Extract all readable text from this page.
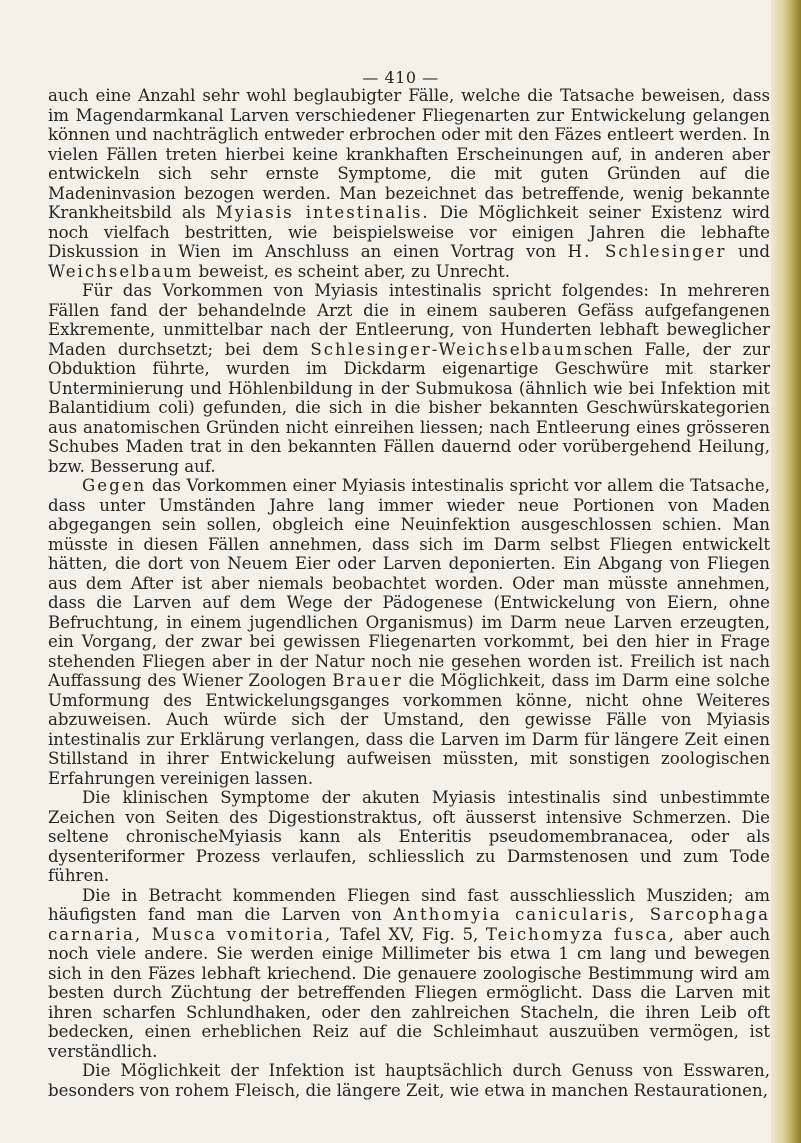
— 410 —

auch eine Anzahl sehr wohl beglaubigter Fälle, welche die Tatsache beweisen, dass im Magendarmkanal Larven verschiedener Fliegenarten zur Entwickelung gelangen können und nachträglich entweder erbrochen oder mit den Fäzes entleert werden. In vielen Fällen treten hierbei keine krankhaften Erscheinungen auf, in anderen aber entwickeln sich sehr ernste Symptome, die mit guten Gründen auf die Madeninvasion bezogen werden. Man bezeichnet das betreffende, wenig bekannte Krankheitsbild als Myiasis intestinalis. Die Möglichkeit seiner Existenz wird noch vielfach bestritten, wie beispielsweise vor einigen Jahren die lebhafte Diskussion in Wien im Anschluss an einen Vortrag von H. Schlesinger und Weichselbaum beweist, es scheint aber, zu Unrecht.

Für das Vorkommen von Myiasis intestinalis spricht folgendes: In mehreren Fällen fand der behandelnde Arzt die in einem sauberen Gefäss aufgefangenen Exkremente, unmittelbar nach der Entleerung, von Hunderten lebhaft beweglicher Maden durchsetzt; bei dem Schlesinger-Weichselbaumschen Falle, der zur Obduktion führte, wurden im Dickdarm eigenartige Geschwüre mit starker Unterminierung und Höhlenbildung in der Submukosa (ähnlich wie bei Infektion mit Balantidium coli) gefunden, die sich in die bisher bekannten Geschwürskategorien aus anatomischen Gründen nicht einreihen liessen; nach Entleerung eines grösseren Schubes Maden trat in den bekannten Fällen dauernd oder vorübergehend Heilung, bzw. Besserung auf.

Gegen das Vorkommen einer Myiasis intestinalis spricht vor allem die Tatsache, dass unter Umständen Jahre lang immer wieder neue Portionen von Maden abgegangen sein sollen, obgleich eine Neuinfektion ausgeschlossen schien. Man müsste in diesen Fällen annehmen, dass sich im Darm selbst Fliegen entwickelt hätten, die dort von Neuem Eier oder Larven deponierten. Ein Abgang von Fliegen aus dem After ist aber niemals beobachtet worden. Oder man müsste annehmen, dass die Larven auf dem Wege der Pädogenese (Entwickelung von Eiern, ohne Befruchtung, in einem jugendlichen Organismus) im Darm neue Larven erzeugten, ein Vorgang, der zwar bei gewissen Fliegenarten vorkommt, bei den hier in Frage stehenden Fliegen aber in der Natur noch nie gesehen worden ist. Freilich ist nach Auffassung des Wiener Zoologen Brauer die Möglichkeit, dass im Darm eine solche Umformung des Entwickelungsganges vorkommen könne, nicht ohne Weiteres abzuweisen. Auch würde sich der Umstand, den gewisse Fälle von Myiasis intestinalis zur Erklärung verlangen, dass die Larven im Darm für längere Zeit einen Stillstand in ihrer Entwickelung aufweisen müssten, mit sonstigen zoologischen Erfahrungen vereinigen lassen.

Die klinischen Symptome der akuten Myiasis intestinalis sind unbestimmte Zeichen von Seiten des Digestionstraktus, oft äusserst intensive Schmerzen. Die seltene chronischeMyiasis kann als Enteritis pseudomembranacea, oder als dysenteriformer Prozess verlaufen, schliesslich zu Darmstenosen und zum Tode führen.

Die in Betracht kommenden Fliegen sind fast ausschliesslich Musziden; am häufigsten fand man die Larven von Anthomyia canicularis, Sarcophaga carnaria, Musca vomitoria, Tafel XV, Fig. 5, Teichomyza fusca, aber auch noch viele andere. Sie werden einige Millimeter bis etwa 1 cm lang und bewegen sich in den Fäzes lebhaft kriechend. Die genauere zoologische Bestimmung wird am besten durch Züchtung der betreffenden Fliegen ermöglicht. Dass die Larven mit ihren scharfen Schlundhaken, oder den zahlreichen Stacheln, die ihren Leib oft bedecken, einen erheblichen Reiz auf die Schleimhaut auszuüben vermögen, ist verständlich.

Die Möglichkeit der Infektion ist hauptsächlich durch Genuss von Esswaren, besonders von rohem Fleisch, die längere Zeit, wie etwa in manchen Restaurationen,
